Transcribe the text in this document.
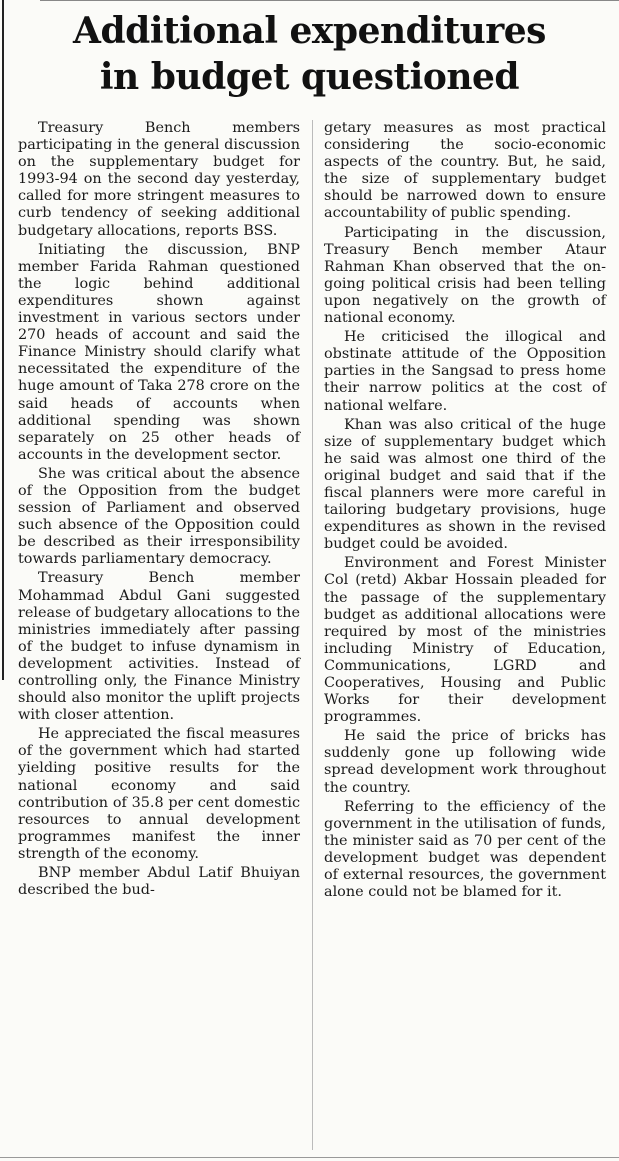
Additional expenditures
in budget questioned

Treasury Bench members participating in the general discussion on the supplementary budget for 1993-94 on the second day yesterday, called for more stringent measures to curb tendency of seeking additional budgetary allocations, reports BSS.

Initiating the discussion, BNP member Farida Rahman questioned the logic behind additional expenditures shown against investment in various sectors under 270 heads of account and said the Finance Ministry should clarify what necessitated the expenditure of the huge amount of Taka 278 crore on the said heads of accounts when additional spending was shown separately on 25 other heads of accounts in the development sector.

She was critical about the absence of the Opposition from the budget session of Parliament and observed such absence of the Opposition could be described as their irresponsibility towards parliamentary democracy.

Treasury Bench member Mohammad Abdul Gani suggested release of budgetary allocations to the ministries immediately after passing of the budget to infuse dynamism in development activities. Instead of controlling only, the Finance Ministry should also monitor the uplift projects with closer attention.

He appreciated the fiscal measures of the government which had started yielding positive results for the national economy and said contribution of 35.8 per cent domestic resources to annual development programmes manifest the inner strength of the economy.

BNP member Abdul Latif Bhuiyan described the bud-

getary measures as most practical considering the socio-economic aspects of the country. But, he said, the size of supplementary budget should be narrowed down to ensure accountability of public spending.

Participating in the discussion, Treasury Bench member Ataur Rahman Khan observed that the on-going political crisis had been telling upon negatively on the growth of national economy.

He criticised the illogical and obstinate attitude of the Opposition parties in the Sangsad to press home their narrow politics at the cost of national welfare.

Khan was also critical of the huge size of supplementary budget which he said was almost one third of the original budget and said that if the fiscal planners were more careful in tailoring budgetary provisions, huge expenditures as shown in the revised budget could be avoided.

Environment and Forest Minister Col (retd) Akbar Hossain pleaded for the passage of the supplementary budget as additional allocations were required by most of the ministries including Ministry of Education, Communications, LGRD and Cooperatives, Housing and Public Works for their development programmes.

He said the price of bricks has suddenly gone up following wide spread development work throughout the country.

Referring to the efficiency of the government in the utilisation of funds, the minister said as 70 per cent of the development budget was dependent of external resources, the government alone could not be blamed for it.
